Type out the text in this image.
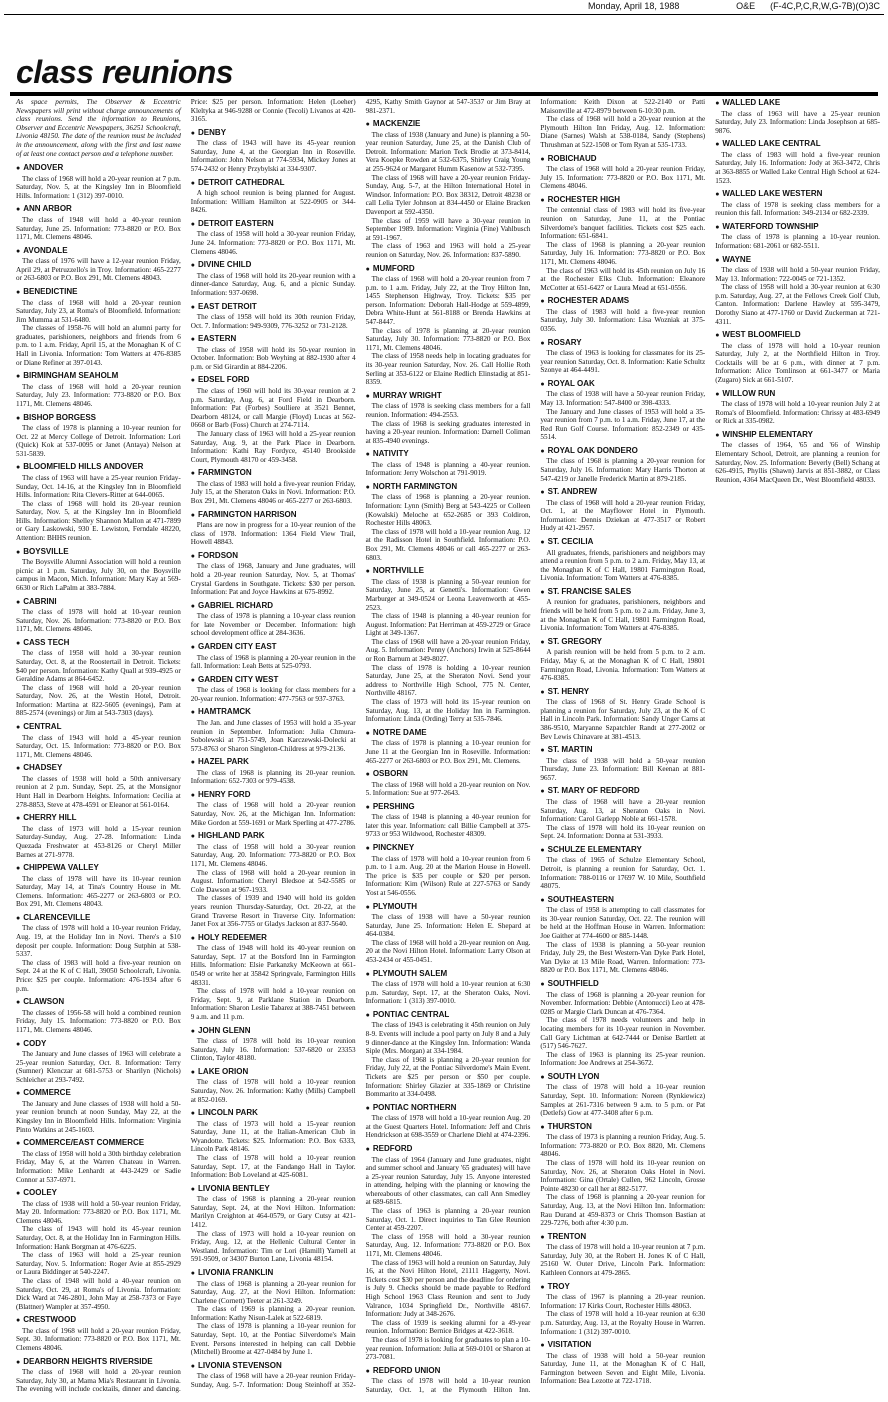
Monday, April 18, 1988	O&E (F-4C,P,C,R,W,G-7B)(O)3C
class reunions

As space permits, The Observer & Eccentric Newspapers will print without charge announcements of class reunions. Send the information to Reunions, Observer and Eccentric Newspapers, 36251 Schoolcraft, Livonia 48150. The date of the reunion must be included in the announcement, along with the first and last name of at least one contact person and a telephone number.

● ANDOVER

The class of 1968 will hold a 20-year reunion at 7 p.m. Saturday, Nov. 5, at the Kingsley Inn in Bloomfield Hills. Information: 1 (312) 397-0010.

● ANN ARBOR

The class of 1948 will hold a 40-year reunion Saturday, June 25. Information: 773-8820 or P.O. Box 1171, Mt. Clemens 48046.

● AVONDALE

The class of 1976 will have a 12-year reunion Friday, April 29, at Petruzzello's in Troy. Information: 465-2277 or 263-6803 or P.O. Box 291, Mt. Clemens 48043.

● BENEDICTINE

The class of 1968 will hold a 20-year reunion Saturday, July 23, at Roma's of Bloomfield. Information: Jim Mumma at 531-6480.

The classes of 1958-76 will hold an alumni party for graduates, parishioners, neighbors and friends from 6 p.m. to 1 a.m. Friday, April 15, at the Monaghan K of C Hall in Livonia. Information: Tom Watters at 476-8385 or Diane Refiner at 397-0143.

● BIRMINGHAM SEAHOLM

The class of 1968 will hold a 20-year reunion Saturday, July 23. Information: 773-8820 or P.O. Box 1171, Mt. Clemens 48046.

● BISHOP BORGESS

The class of 1978 is planning a 10-year reunion for Oct. 22 at Mercy College of Detroit. Information: Lori (Quick) Kok at 537-0095 or Janet (Antaya) Nelson at 531-5839.

● BLOOMFIELD HILLS ANDOVER

The class of 1963 will have a 25-year reunion Friday-Sunday, Oct. 14-16, at the Kingsley Inn in Bloomfield Hills. Information: Rita Clevers-Ritter at 644-0065.

The class of 1968 will hold its 20-year reunion Saturday, Nov. 5, at the Kingsley Inn in Bloomfield Hills. Information: Shelley Shannon Mallon at 471-7899 or Gary Laskowski, 930 E. Lewiston, Ferndale 48220, Attention: BHHS reunion.

● BOYSVILLE

The Boysville Alumni Association will hold a reunion picnic at 1 p.m. Saturday, July 30, on the Boysville campus in Macon, Mich. Information: Mary Kay at 569-6630 or Rich LaPalm at 383-7884.

● CABRINI

The class of 1978 will hold at 10-year reunion Saturday, Nov. 26. Information: 773-8820 or P.O. Box 1171, Mt. Clemens 48046.

● CASS TECH

The class of 1958 will hold a 30-year reunion Saturday, Oct. 8, at the Roostertail in Detroit. Tickets: $40 per person. Information: Kathy Quall at 939-4925 or Geraldine Adams at 864-6452.

The class of 1968 will hold a 20-year reunion Saturday, Nov. 26, at the Westin Hotel, Detroit. Information: Martina at 822-5605 (evenings), Pam at 885-2574 (evenings) or Jim at 543-7303 (days).

● CENTRAL

The class of 1943 will hold a 45-year reunion Saturday, Oct. 15. Information: 773-8820 or P.O. Box 1171, Mt. Clemens 48046.

● CHADSEY

The classes of 1938 will hold a 50th anniversary reunion at 2 p.m. Sunday, Sept. 25, at the Monsignor Hunt Hall in Dearborn Heights. Information: Cecilia at 278-8853, Steve at 478-4591 or Eleanor at 561-0164.

● CHERRY HILL

The class of 1973 will hold a 15-year reunion Saturday-Sunday, Aug. 27-28. Information: Linda Quezada Freshwater at 453-8126 or Cheryl Miller Barnes at 271-9778.

● CHIPPEWA VALLEY

The class of 1978 will have its 10-year reunion Saturday, May 14, at Tina's Country House in Mt. Clemens. Information: 465-2277 or 263-6803 or P.O. Box 291, Mt. Clemens 48043.

● CLARENCEVILLE

The class of 1978 will hold a 10-year reunion Friday, Aug. 19, at the Holiday Inn in Novi. There's a $10 deposit per couple. Information: Doug Sutphin at 538-5337.

The class of 1983 will hold a five-year reunion on Sept. 24 at the K of C Hall, 39050 Schoolcraft, Livonia. Price: $25 per couple. Information: 476-1934 after 6 p.m.

● CLAWSON

The classes of 1956-58 will hold a combined reunion Friday, July 15. Information: 773-8820 or P.O. Box 1171, Mt. Clemens 48046.

● CODY

The January and June classes of 1963 will celebrate a 25-year reunion Saturday, Oct. 8. Information: Terry (Sumner) Klenczar at 681-5753 or Sharilyn (Nichols) Schleicher at 293-7492.

● COMMERCE

The January and June classes of 1938 will hold a 50-year reunion brunch at noon Sunday, May 22, at the Kingsley Inn in Bloomfield Hills. Information: Virginia Pinto Watkins at 245-1603.

● COMMERCE/EAST COMMERCE

The class of 1958 will hold a 30th birthday celebration Friday, May 6, at the Warren Chateau in Warren. Information: Mike Lenhardt at 443-2429 or Sadie Connor at 537-6971.

● COOLEY

The class of 1938 will hold a 50-year reunion Friday, May 20. Information: 773-8820 or P.O. Box 1171, Mt. Clemens 48046.

The class of 1943 will hold its 45-year reunion Saturday, Oct. 8, at the Holiday Inn in Farmington Hills. Information: Hank Borgman at 476-6225.

The class of 1963 will hold a 25-year reunion Saturday, Nov. 5. Information: Roger Avie at 855-2929 or Laura Biddinger at 540-2247.

The class of 1948 will hold a 40-year reunion on Saturday, Oct. 29, at Roma's of Livonia. Information: Dick Ward at 746-2801, John May at 258-7373 or Faye (Blattner) Wampler at 357-4950.

● CRESTWOOD

The class of 1968 will hold a 20-year reunion Friday, Sept. 30. Information: 773-8820 or P.O. Box 1171, Mt. Clemens 48046.

● DEARBORN HEIGHTS RIVERSIDE

The class of 1968 will hold a 20-year reunion Saturday, July 30, at Mama Mia's Restaurant in Livonia. The evening will include cocktails, dinner and dancing. Price: $25 per person. Information: Helen (Loeher) Kleltyka at 946-9288 or Connie (Tecoli) Livanos at 420-3165.

● DENBY

The class of 1943 will have its 45-year reunion Saturday, June 4, at the Georgian Inn in Roseville. Information: John Nelson at 774-5934, Mickey Jones at 574-2432 or Henry Przybylski at 334-9307.

● DETROIT CATHEDRAL

A high school reunion is being planned for August. Information: William Hamilton at 522-0905 or 344-8426.

● DETROIT EASTERN

The class of 1958 will hold a 30-year reunion Friday, June 24. Information: 773-8820 or P.O. Box 1171, Mt. Clemens 48046.

● DIVINE CHILD

The class of 1968 will hold its 20-year reunion with a dinner-dance Saturday, Aug. 6, and a picnic Sunday. Information: 937-0698.

● EAST DETROIT

The class of 1958 will hold its 30th reunion Friday, Oct. 7. Information: 949-9309, 776-3252 or 731-2128.

● EASTERN

The class of 1958 will hold its 50-year reunion in October. Information: Bob Weyhing at 882-1930 after 4 p.m. or Sid Girardin at 884-2206.

● EDSEL FORD

The class of 1960 will hold its 30-year reunion at 2 p.m. Saturday, Aug. 6, at Ford Field in Dearborn. Information: Pat (Forbes) Soulliere at 3521 Bennet, Dearborn 48124, or call Margie (Floyd) Lucas at 562-0668 or Barb (Foss) Church at 274-7114.

The January class of 1963 will hold a 25-year reunion Saturday, Aug. 9, at the Park Place in Dearborn. Information: Kathi Ray Fordyce, 45140 Brookside Court, Plymouth 48170 or 459-3458.

● FARMINGTON

The class of 1983 will hold a five-year reunion Friday, July 15, at the Sheraton Oaks in Novi. Information: P.O. Box 291, Mt. Clemens 48046 or 465-2277 or 263-6803.

● FARMINGTON HARRISON

Plans are now in progress for a 10-year reunion of the class of 1978. Information: 1364 Field View Trail, Howell 48843.

● FORDSON

The class of 1968, January and June graduates, will hold a 20-year reunion Saturday, Nov. 5, at Thomas' Crystal Gardens in Southgate. Tickets: $30 per person. Information: Pat and Joyce Hawkins at 675-8992.

● GABRIEL RICHARD

The class of 1978 is planning a 10-year class reunion for late November or December. Information: high school development office at 284-3636.

● GARDEN CITY EAST

The class of 1968 is planning a 20-year reunion in the fall. Information: Leah Betts at 525-0793.

● GARDEN CITY WEST

The class of 1968 is looking for class members for a 20-year reunion. Information: 477-7563 or 937-3763.

● HAMTRAMCK

The Jan. and June classes of 1953 will hold a 35-year reunion in September. Information: Julia Chmura-Sobolewski at 751-5749, Joan Karczewski-Dolecki at 573-8763 or Sharon Singleton-Childress at 979-2136.

● HAZEL PARK

The class of 1968 is planning its 20-year reunion. Information: 652-7303 or 979-4538.

● HENRY FORD

The class of 1968 will hold a 20-year reunion Saturday, Nov. 26, at the Michigan Inn. Information: Mike Gordon at 559-1691 or Mark Sperling at 477-2786.

● HIGHLAND PARK

The class of 1958 will hold a 30-year reunion Saturday, Aug. 20. Information: 773-8820 or P.O. Box 1171, Mt. Clemens 48046.

The class of 1968 will hold a 20-year reunion in August. Information: Cheryl Bledsoe at 542-5585 or Cole Dawson at 967-1933.

The classes of 1939 and 1940 will hold its golden years reunion Thursday-Saturday, Oct. 20-22, at the Grand Traverse Resort in Traverse City. Information: Janet Fox at 356-7755 or Gladys Jackson at 837-5640.

● HOLY REDEEMER

The class of 1948 will hold its 40-year reunion on Saturday, Sept. 17 at the Botsford Inn in Farmington Hills. Information: Elsie Parkanzky McKeown at 661-0549 or write her at 35842 Springvale, Farmington Hills 48331.

The class of 1978 will hold a 10-year reunion on Friday, Sept. 9, at Parklane Station in Dearborn. Information: Sharon Leslie Tabarez at 388-7451 between 9 a.m. and 11 p.m.

● JOHN GLENN

The class of 1978 will hold its 10-year reunion Saturday, July 16. Information: 537-6820 or 23353 Clinton, Taylor 48180.

● LAKE ORION

The class of 1978 will hold a 10-year reunion Saturday, Nov. 26. Information: Kathy (Mills) Campbell at 852-0169.

● LINCOLN PARK

The class of 1973 will hold a 15-year reunion Saturday, June 11, at the Italian-American Club in Wyandotte. Tickets: $25. Information: P.O. Box 6333, Lincoln Park 48146.

The class of 1978 will hold a 10-year reunion Saturday, Sept. 17, at the Fandango Hall in Taylor. Information: Bob Loveland at 425-6081.

● LIVONIA BENTLEY

The class of 1968 is planning a 20-year reunion Saturday, Sept. 24, at the Novi Hilton. Information: Marilyn Creighton at 464-0579, or Gary Cutsy at 421-1412.

The class of 1973 will hold a 10-year reunion on Friday, Aug. 12, at the Hellenic Cultural Center in Westland. Information: Tim or Lori (Hamill) Yarnell at 591-9509, or 34307 Burton Lane, Livonia 48154.

● LIVONIA FRANKLIN

The class of 1968 is planning a 20-year reunion for Saturday, Aug. 27, at the Novi Hilton. Information: Charlene (Cornett) Teeter at 261-3249.

The class of 1969 is planning a 20-year reunion. Information: Kathy Nisun-Lalek at 522-6819.

The class of 1978 is planning a 10-year reunion for Saturday, Sept. 10, at the Pontiac Silverdome's Main Event. Persons interested in helping can call Debbie (Mitchell) Broome at 427-0484 by June 1.

● LIVONIA STEVENSON

The class of 1968 will have a 20-year reunion Friday-Sunday, Aug. 5-7. Information: Doug Steinhoff at 352-4295, Kathy Smith Gaynor at 547-3537 or Jim Bray at 981-2371.

● MACKENZIE

The class of 1938 (January and June) is planning a 50-year reunion Saturday, June 25, at the Danish Club of Detroit. Information: Marion Teck Brodie at 373-8414, Vera Koepke Rowden at 532-6375, Shirley Craig Young at 255-9624 or Margaret Humm Kasenow at 532-7395.

The class of 1968 will have a 20-year reunion Friday-Sunday, Aug. 5-7, at the Hilton International Hotel in Windsor. Information: P.O. Box 38312, Detroit 48238 or call Lelia Tyler Johnson at 834-4450 or Elaine Bracken Davenport at 592-4350.

The class of 1959 will have a 30-year reunion in September 1989. Information: Virginia (Fine) Vahlbusch at 591-1967.

The class of 1963 and 1963 will hold a 25-year reunion on Saturday, Nov. 26. Information: 837-5890.

● MUMFORD

The class of 1968 will hold a 20-year reunion from 7 p.m. to 1 a.m. Friday, July 22, at the Troy Hilton Inn, 1455 Stephenson Highway, Troy. Tickets: $35 per person. Information: Deborah Hall-Hodge at 559-4899, Debra White-Hunt at 561-8188 or Brenda Hawkins at 547-8447.

The class of 1978 is planning at 20-year reunion Saturday, July 30. Information: 773-8820 or P.O. Box 1171, Mt. Clemens 48046.

The class of 1958 needs help in locating graduates for its 30-year reunion Saturday, Nov. 26. Call Hollie Roth Serling at 353-6122 or Elaine Redlich Elinstadig at 851-8359.

● MURRAY WRIGHT

The class of 1978 is seeking class members for a fall reunion. Information: 494-2553.

The class of 1968 is seeking graduates interested in having a 20-year reunion. Information: Darnell Coliman at 835-4940 evenings.

● NATIVITY

The class of 1948 is planning a 40-year reunion. Information: Jerry Wolschon at 791-9019.

● NORTH FARMINGTON

The class of 1968 is planning a 20-year reunion. Information: Lynn (Smith) Berg at 543-4225 or Colleen (Kowalski) Meloche at 652-2685 or 393 Coldiron, Rochester Hills 48063.

The class of 1978 will hold a 10-year reunion Aug. 12 at the Radisson Hotel in Southfield. Information: P.O. Box 291, Mt. Clemens 48046 or call 465-2277 or 263-6803.

● NORTHVILLE

The class of 1938 is planning a 50-year reunion for Saturday, June 25, at Genetti's. Information: Gwen Marburger at 349-0524 or Leona Leavenworth at 455-2523.

The class of 1948 is planning a 40-year reunion for August. Information: Pat Herriman at 459-2729 or Grace Light at 349-1367.

The class of 1968 will have a 20-year reunion Friday, Aug. 5. Information: Penny (Anchors) Irwin at 525-8644 or Ron Barnum at 349-8027.

The class of 1978 is holding a 10-year reunion Saturday, June 25, at the Sheraton Novi. Send your address to Northville High School, 775 N. Center, Northville 48167.

The class of 1973 will hold its 15-year reunion on Saturday, Aug. 13, at the Holiday Inn in Farmington. Information: Linda (Ording) Terry at 535-7846.

● NOTRE DAME

The class of 1978 is planning a 10-year reunion for June 11 at the Georgian Inn in Roseville. Information: 465-2277 or 263-6803 or P.O. Box 291, Mt. Clemens.

● OSBORN

The class of 1968 will hold a 20-year reunion on Nov. 5. Information: Sue at 977-2643.

● PERSHING

The class of 1948 is planning a 40-year reunion for later this year. Information: call Billie Campbell at 375-9733 or 953 Wildwood, Rochester 48309.

● PINCKNEY

The class of 1978 will hold a 10-year reunion from 6 p.m. to 1 a.m. Aug. 20 at the Marion House in Howell. The price is $35 per couple or $20 per person. Information: Kim (Wilson) Rule at 227-5763 or Sandy Yost at 546-0556.

● PLYMOUTH

The class of 1938 will have a 50-year reunion Saturday, June 25. Information: Helen E. Shepard at 464-0384.

The class of 1968 will hold a 20-year reunion on Aug. 20 at the Novi Hilton Hotel. Information: Larry Olson at 453-2434 or 455-0451.

● PLYMOUTH SALEM

The class of 1978 will hold a 10-year reunion at 6:30 p.m. Saturday, Sept. 17, at the Sheraton Oaks, Novi. Information: 1 (313) 397-0010.

● PONTIAC CENTRAL

The class of 1943 is celebrating it 45th reunion on July 8-9. Events will include a pool party on July 8 and a July 9 dinner-dance at the Kingsley Inn. Information: Wanda Siple (Mrs. Morgan) at 334-1984.

The class of 1968 is planning a 20-year reunion for Friday, July 22, at the Pontiac Silverdome's Main Event. Tickets are $25 per person or $50 per couple. Information: Shirley Glazier at 335-1869 or Christine Bommarito at 334-0498.

● PONTIAC NORTHERN

The class of 1978 will hold a 10-year reunion Aug. 20 at the Guest Quarters Hotel. Information: Jeff and Chris Hendrickson at 698-3559 or Charlene Diehl at 474-2396.

● REDFORD

The class of 1964 (January and June graduates, night and summer school and January '65 graduates) will have a 25-year reunion Saturday, July 15. Anyone interested in attending, helping with the planning or knowing the whereabouts of other classmates, can call Ann Smedley at 689-6815.

The class of 1963 is planning a 20-year reunion Saturday, Oct. 1. Direct inquiries to Tan Glee Reunion Center at 459-2207.

The class of 1958 will hold a 30-year reunion Saturday, Aug. 12. Information: 773-8820 or P.O. Box 1171, Mt. Clemens 48046.

The class of 1963 will hold a reunion on Saturday, July 16, at the Novi Hilton Hotel, 21111 Haggerty, Novi. Tickets cost $30 per person and the deadline for ordering is July 9. Checks should be made payable to Redford High School 1963 Class Reunion and sent to Judy Valrance, 1034 Springfield Dr., Northville 48167. Information: Judy at 348-2676.

The class of 1939 is seeking alumni for a 49-year reunion. Information: Bernice Bridges at 422-3618.

The class of 1978 is looking for graduates to plan a 10-year reunion. Information: Julia at 569-0101 or Sharon at 273-7081.

● REDFORD UNION

The class of 1978 will hold a 10-year reunion Saturday, Oct. 1, at the Plymouth Hilton Inn. Information: Keith Dixon at 522-2140 or Patti Maisonville at 472-8979 between 6-10:30 p.m.

The class of 1968 will hold a 20-year reunion at the Plymouth Hilton Inn Friday, Aug. 12. Information: Diane (Sarnes) Walsh at 538-0184, Sandy (Stephens) Thrushman at 522-1508 or Tom Ryan at 535-1733.

● ROBICHAUD

The class of 1968 will hold a 20-year reunion Friday, July 15. Information: 773-8820 or P.O. Box 1171, Mt. Clemens 48046.

● ROCHESTER HIGH

The centennial class of 1983 will hold its five-year reunion on Saturday, June 11, at the Pontiac Silverdome's banquet facilities. Tickets cost $25 each. Information: 651-6841.

The class of 1968 is planning a 20-year reunion Saturday, July 16. Information: 773-8820 or P.O. Box 1171, Mt. Clemens 48046.

The class of 1963 will hold its 45th reunion on July 16 at the Rochester Elks Club. Information: Eleanore McCotter at 651-6427 or Laura Mead at 651-0556.

● ROCHESTER ADAMS

The class of 1983 will hold a five-year reunion Saturday, July 30. Information: Lisa Wozniak at 375-0356.

● ROSARY

The class of 1963 is looking for classmates for its 25-year reunion Saturday, Oct. 8. Information: Katie Schultz Szonye at 464-4491.

● ROYAL OAK

The class of 1938 will have a 50-year reunion Friday, May 13. Information: 547-8400 or 398-4333.

The January and June classes of 1953 will hold a 35-year reunion from 7 p.m. to 1 a.m. Friday, June 17, at the Red Run Golf Course. Information: 852-2349 or 435-5514.

● ROYAL OAK DONDERO

The class of 1968 is planning a 20-year reunion for Saturday, July 16. Information: Mary Harris Thorton at 547-4219 or Janelle Frederick Martin at 879-2185.

● ST. ANDREW

The class of 1968 will hold a 20-year reunion Friday, Oct. 1, at the Mayflower Hotel in Plymouth. Information: Dennis Dziekan at 477-3517 or Robert Hudy at 421-2957.

● ST. CECILIA

All graduates, friends, parishioners and neighbors may attend a reunion from 5 p.m. to 2 a.m. Friday, May 13, at the Monaghan K of C Hall, 19801 Farmington Road, Livonia. Information: Tom Watters at 476-8385.

● ST. FRANCISE SALES

A reunion for graduates, parishioners, neighbors and friends will be held from 5 p.m. to 2 a.m. Friday, June 3, at the Monaghan K of C Hall, 19801 Farmington Road, Livonia. Information: Tom Watters at 476-8385.

● ST. GREGORY

A parish reunion will be held from 5 p.m. to 2 a.m. Friday, May 6, at the Monaghan K of C Hall, 19801 Farmington Road, Livonia. Information: Tom Watters at 476-8385.

● ST. HENRY

The class of 1968 of St. Henry Grade School is planning a reunion for Saturday, July 23, at the K of C Hall in Lincoln Park. Information: Sandy Unger Carns at 386-9510, Maryanne Szpatchler Randt at 277-2002 or Bev Lewis Chinavare at 381-4513.

● ST. MARTIN

The class of 1938 will hold a 50-year reunion Thursday, June 23. Information: Bill Keenan at 881-9657.

● ST. MARY OF REDFORD

The class of 1968 will have a 20-year reunion Saturday, Aug. 13, at Sheraton Oaks in Novi. Information: Carol Garlepp Noble at 661-1578.

The class of 1978 will hold its 10-year reunion on Sept. 24. Information: Donna at 531-3933.

● SCHULZE ELEMENTARY

The class of 1965 of Schulze Elementary School, Detroit, is planning a reunion for Saturday, Oct. 1. Information: 788-0116 or 17697 W. 10 Mile, Southfield 48075.

● SOUTHEASTERN

The class of 1958 is attempting to call classmates for its 30-year reunion Saturday, Oct. 22. The reunion will be held at the Hoffman House in Warren. Information: Joe Gaither at 774-4600 or 885-1448.

The class of 1938 is planning a 50-year reunion Friday, July 29, the Best Western-Van Dyke Park Hotel, Van Dyke at 13 Mile Road, Warren. Information: 773-8820 or P.O. Box 1171, Mt. Clemens 48046.

● SOUTHFIELD

The class of 1968 is planning a 20-year reunion for November. Information: Debbie (Antonucci) Leo at 478-0285 or Margie Clark Duncan at 476-7364.

The class of 1978 needs volunteers and help in locating members for its 10-year reunion in November. Call Gary Lichtman at 642-7444 or Denise Bartlett at (517) 546-7627.

The class of 1963 is planning its 25-year reunion. Information: Joe Andrews at 254-3672.

● SOUTH LYON

The class of 1978 will hold a 10-year reunion Saturday, Sept. 10. Information: Noreen (Rynkiewicz) Samples at 261-7316 between 9 a.m. to 5 p.m. or Pat (Detlefs) Gow at 477-3408 after 6 p.m.

● THURSTON

The class of 1973 is planning a reunion Friday, Aug. 5. Information: 773-8820 or P.O. Box 8820, Mt. Clemens 48046.

The class of 1978 will hold its 10-year reunion on Saturday, Nov. 26, at Sheraton Oaks Hotel in Novi. Information: Gina (Ortale) Cullen, 962 Lincoln, Grosse Pointe 48230 or call her at 882-5177.

The class of 1968 is planning a 20-year reunion for Saturday, Aug. 13, at the Novi Hilton Inn. Information: Rau Durand at 459-8373 or Chris Thomson Bastian at 229-7276, both after 4:30 p.m.

● TRENTON

The class of 1978 will hold a 10-year reunion at 7 p.m. Saturday, July 30, at the Robert H. Jones K of C Hall, 25160 W. Outer Drive, Lincoln Park. Information: Kathleen Connors at 479-2865.

● TROY

The class of 1967 is planning a 20-year reunion. Information: 17 Kirks Court, Rochester Hills 48063.

The class of 1978 will hold a 10-year reunion at 6:30 p.m. Saturday, Aug. 13, at the Royalty House in Warren. Information: 1 (312) 397-0010.

● VISITATION

The class of 1938 will hold a 50-year reunion Saturday, June 11, at the Monaghan K of C Hall, Farmington between Seven and Eight Mile, Livonia. Information: Bea Lezotte at 722-1718.

● WALLED LAKE

The class of 1963 will have a 25-year reunion Saturday, July 23. Information: Linda Josephson at 685-9876.

● WALLED LAKE CENTRAL

The class of 1983 will hold a five-year reunion Saturday, July 16. Information: Jody at 363-3472, Chris at 363-8855 or Walled Lake Central High School at 624-1523.

● WALLED LAKE WESTERN

The class of 1978 is seeking class members for a reunion this fall. Information: 349-2134 or 682-2339.

● WATERFORD TOWNSHIP

The class of 1978 is planning a 10-year reunion. Information: 681-2061 or 682-5511.

● WAYNE

The class of 1938 will hold a 50-year reunion Friday, May 13. Information: 722-0045 or 721-1352.

The class of 1958 will hold a 30-year reunion at 6:30 p.m. Saturday, Aug. 27, at the Fellows Creek Golf Club, Canton. Information: Darlene Hawley at 595-3479, Dorothy Siano at 477-1760 or David Zuckerman at 721-4311.

● WEST BLOOMFIELD

The class of 1978 will hold a 10-year reunion Saturday, July 2, at the Northfield Hilton in Troy. Cocktails will be at 6 p.m., with dinner at 7 p.m. Information: Alice Tomlinson at 661-3477 or Maria (Zugaro) Sick at 661-5107.

● WILLOW RUN

The class of 1978 will hold a 10-year reunion July 2 at Roma's of Bloomfield. Information: Chrissy at 483-6949 or Rick at 335-0982.

● WINSHIP ELEMENTARY

The classes of 1964, '65 and '66 of Winship Elementary School, Detroit, are planning a reunion for Saturday, Nov. 25. Information: Beverly (Bell) Schang at 626-4915, Phyllis (Shawn) Jarvis at 851-3882, or Class Reunion, 4364 MacQueen Dr., West Bloomfield 48033.
